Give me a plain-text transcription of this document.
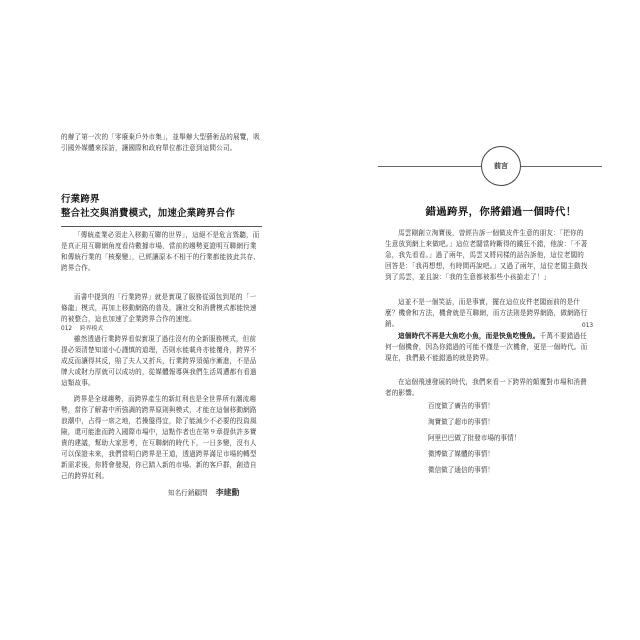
的辦了第一次的「零廢棄戶外市集」，並舉辦大型藝術品的展覽，吸引國外媒體來採訪，讓國際和政府單位都注意到這間公司。

行業跨界
整合社交與消費模式，加速企業跨界合作

「傳統產業必須走入移動互聯的世界」，這絕不是危言聳聽，而是真正用互聯網角度看待數據市場，當前的趨勢更證明互聯網行業和傳統行業的「核聚變」，已經讓原本不相干的行業都能彼此共存、跨界合作。

而書中提到的「行業跨界」就是實現了服務從頭包到尾的「一條龍」模式，再加上移動網路的普及，讓社交和消費模式都能快速的被整合，這也加速了企業跨界合作的速度。

雖然透過行業跨界看似實現了過往沒有的全新服務模式，但前提必須清楚知道小心謹慎的道理，否則水能載舟亦能覆舟，跨界不成反而讓得其反，賠了夫人又折兵，行業跨界須循序漸進，不是品牌大或財力厚就可以成功的，從媒體報導與我們生活周遭都有看過這類故事。

跨界是全球趨勢，而跨界產生的新紅利也是全世界所有潮流趨勢，當你了解書中所強調的跨界原則與模式，才能在這個移動網路浪潮中，占得一席之地，若操盤得宜，除了能減少不必要的投資風險，還可能進而跨入國際市場中，這點作者也在第９章提供許多寶貴的建議，幫助大家思考，在互聯網的時代下，一日多變，沒有人可以保證未來，我們當明白跨界是王道，透過跨界滿足市場的轉型新需求後，你將會發現，你已踏入新的市場、新的客戶群，創造自己的跨界紅利。

知名行銷顧問 李建勳
012 跨界模式
前言
錯過跨界，你將錯過一個時代！

馬雲剛創立淘寶後，曾經告訴一個做皮件生意的朋友：「把你的生意放到網上來做吧。」這位老闆當時斷得的鐵狂不錯，他說：「不著急，我先看看。」過了兩年，馬雲又將同樣的話告訴他，這位老闆的回答是：「我再想想，有時間再說吧。」又過了兩年，這位老闆主動找到了馬雲，並且說：「我的生意都被那些小孩搶走了！」

這並不是一個笑話，而是事實，擺在這位皮件老闆面前的是什麼？機會和方法，機會就是互聯網，而方法則是跨界網路，做網路行銷。

這個時代不再是大魚吃小魚，而是快魚吃慢魚。千萬不要錯過任何一個機會，因為你錯過的可能不僅是一次機會，更是一個時代。而現在，我們最不能錯過的就是跨界。

在這個飛速發展的時代，我們來看一下跨界的顛覆對市場和消費者的影響。

百度做了廣告的事情！
淘寶做了超市的事情！
阿里巴巴做了批發市場的事情！
微博做了媒體的事情！
微信做了通信的事情！
013
